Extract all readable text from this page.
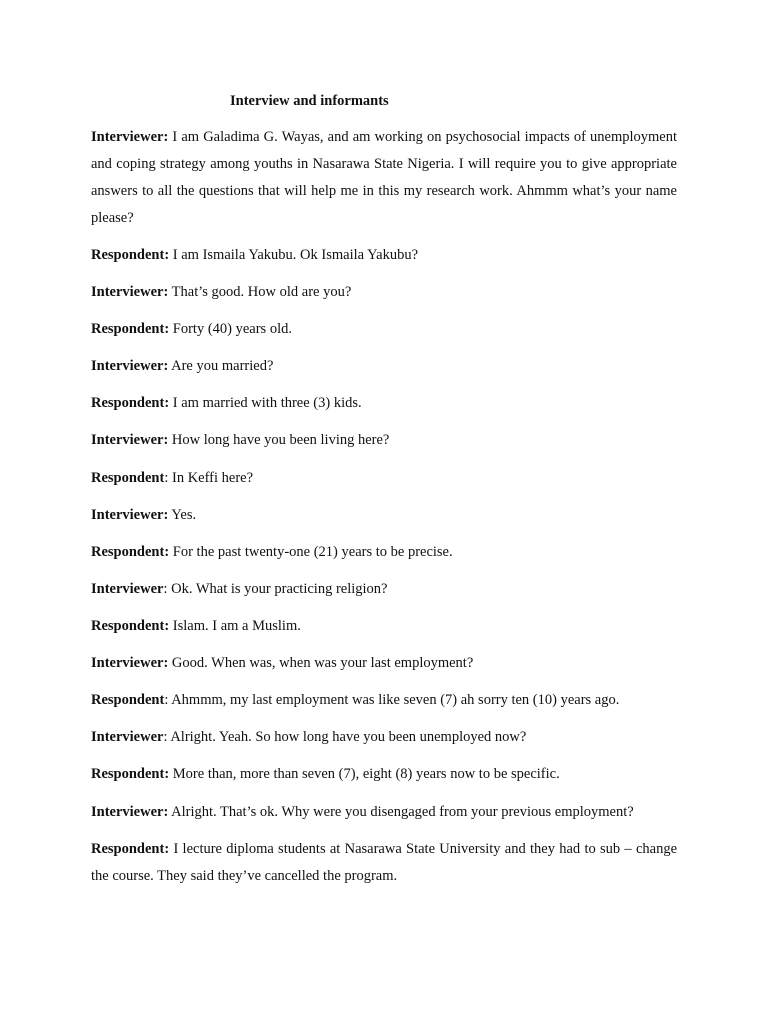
Interview and informants

Interviewer: I am Galadima G. Wayas, and am working on psychosocial impacts of unemployment and coping strategy among youths in Nasarawa State Nigeria. I will require you to give appropriate answers to all the questions that will help me in this my research work. Ahmmm what’s your name please?

Respondent: I am Ismaila Yakubu. Ok Ismaila Yakubu?

Interviewer: That’s good. How old are you?

Respondent: Forty (40) years old.

Interviewer: Are you married?

Respondent: I am married with three (3) kids.

Interviewer: How long have you been living here?

Respondent: In Keffi here?

Interviewer: Yes.

Respondent: For the past twenty-one (21) years to be precise.

Interviewer: Ok. What is your practicing religion?

Respondent: Islam. I am a Muslim.

Interviewer: Good. When was, when was your last employment?

Respondent: Ahmmm, my last employment was like seven (7) ah sorry ten (10) years ago.

Interviewer: Alright. Yeah. So how long have you been unemployed now?

Respondent: More than, more than seven (7), eight (8) years now to be specific.

Interviewer: Alright. That’s ok. Why were you disengaged from your previous employment?

Respondent: I lecture diploma students at Nasarawa State University and they had to sub – change the course. They said they’ve cancelled the program.
